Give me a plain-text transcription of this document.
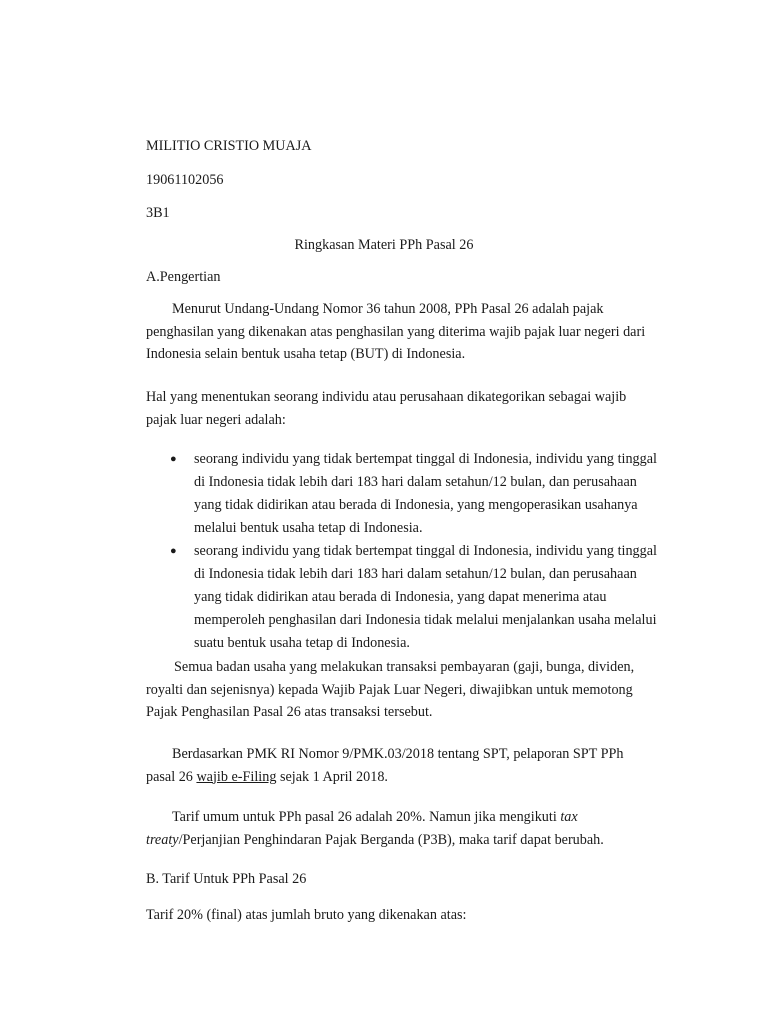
MILITIO CRISTIO MUAJA
19061102056
3B1
Ringkasan Materi PPh Pasal 26
A.Pengertian
Menurut Undang-Undang Nomor 36 tahun 2008, PPh Pasal 26 adalah pajak penghasilan yang dikenakan atas penghasilan yang diterima wajib pajak luar negeri dari Indonesia selain bentuk usaha tetap (BUT) di Indonesia.
Hal yang menentukan seorang individu atau perusahaan dikategorikan sebagai wajib pajak luar negeri adalah:
● seorang individu yang tidak bertempat tinggal di Indonesia, individu yang tinggal di Indonesia tidak lebih dari 183 hari dalam setahun/12 bulan, dan perusahaan yang tidak didirikan atau berada di Indonesia, yang mengoperasikan usahanya melalui bentuk usaha tetap di Indonesia.
● seorang individu yang tidak bertempat tinggal di Indonesia, individu yang tinggal di Indonesia tidak lebih dari 183 hari dalam setahun/12 bulan, dan perusahaan yang tidak didirikan atau berada di Indonesia, yang dapat menerima atau memperoleh penghasilan dari Indonesia tidak melalui menjalankan usaha melalui suatu bentuk usaha tetap di Indonesia.
Semua badan usaha yang melakukan transaksi pembayaran (gaji, bunga, dividen, royalti dan sejenisnya) kepada Wajib Pajak Luar Negeri, diwajibkan untuk memotong Pajak Penghasilan Pasal 26 atas transaksi tersebut.
Berdasarkan PMK RI Nomor 9/PMK.03/2018 tentang SPT, pelaporan SPT PPh pasal 26 wajib e-Filing sejak 1 April 2018.
Tarif umum untuk PPh pasal 26 adalah 20%. Namun jika mengikuti tax treaty/Perjanjian Penghindaran Pajak Berganda (P3B), maka tarif dapat berubah.
B. Tarif Untuk PPh Pasal 26
Tarif 20% (final) atas jumlah bruto yang dikenakan atas:
